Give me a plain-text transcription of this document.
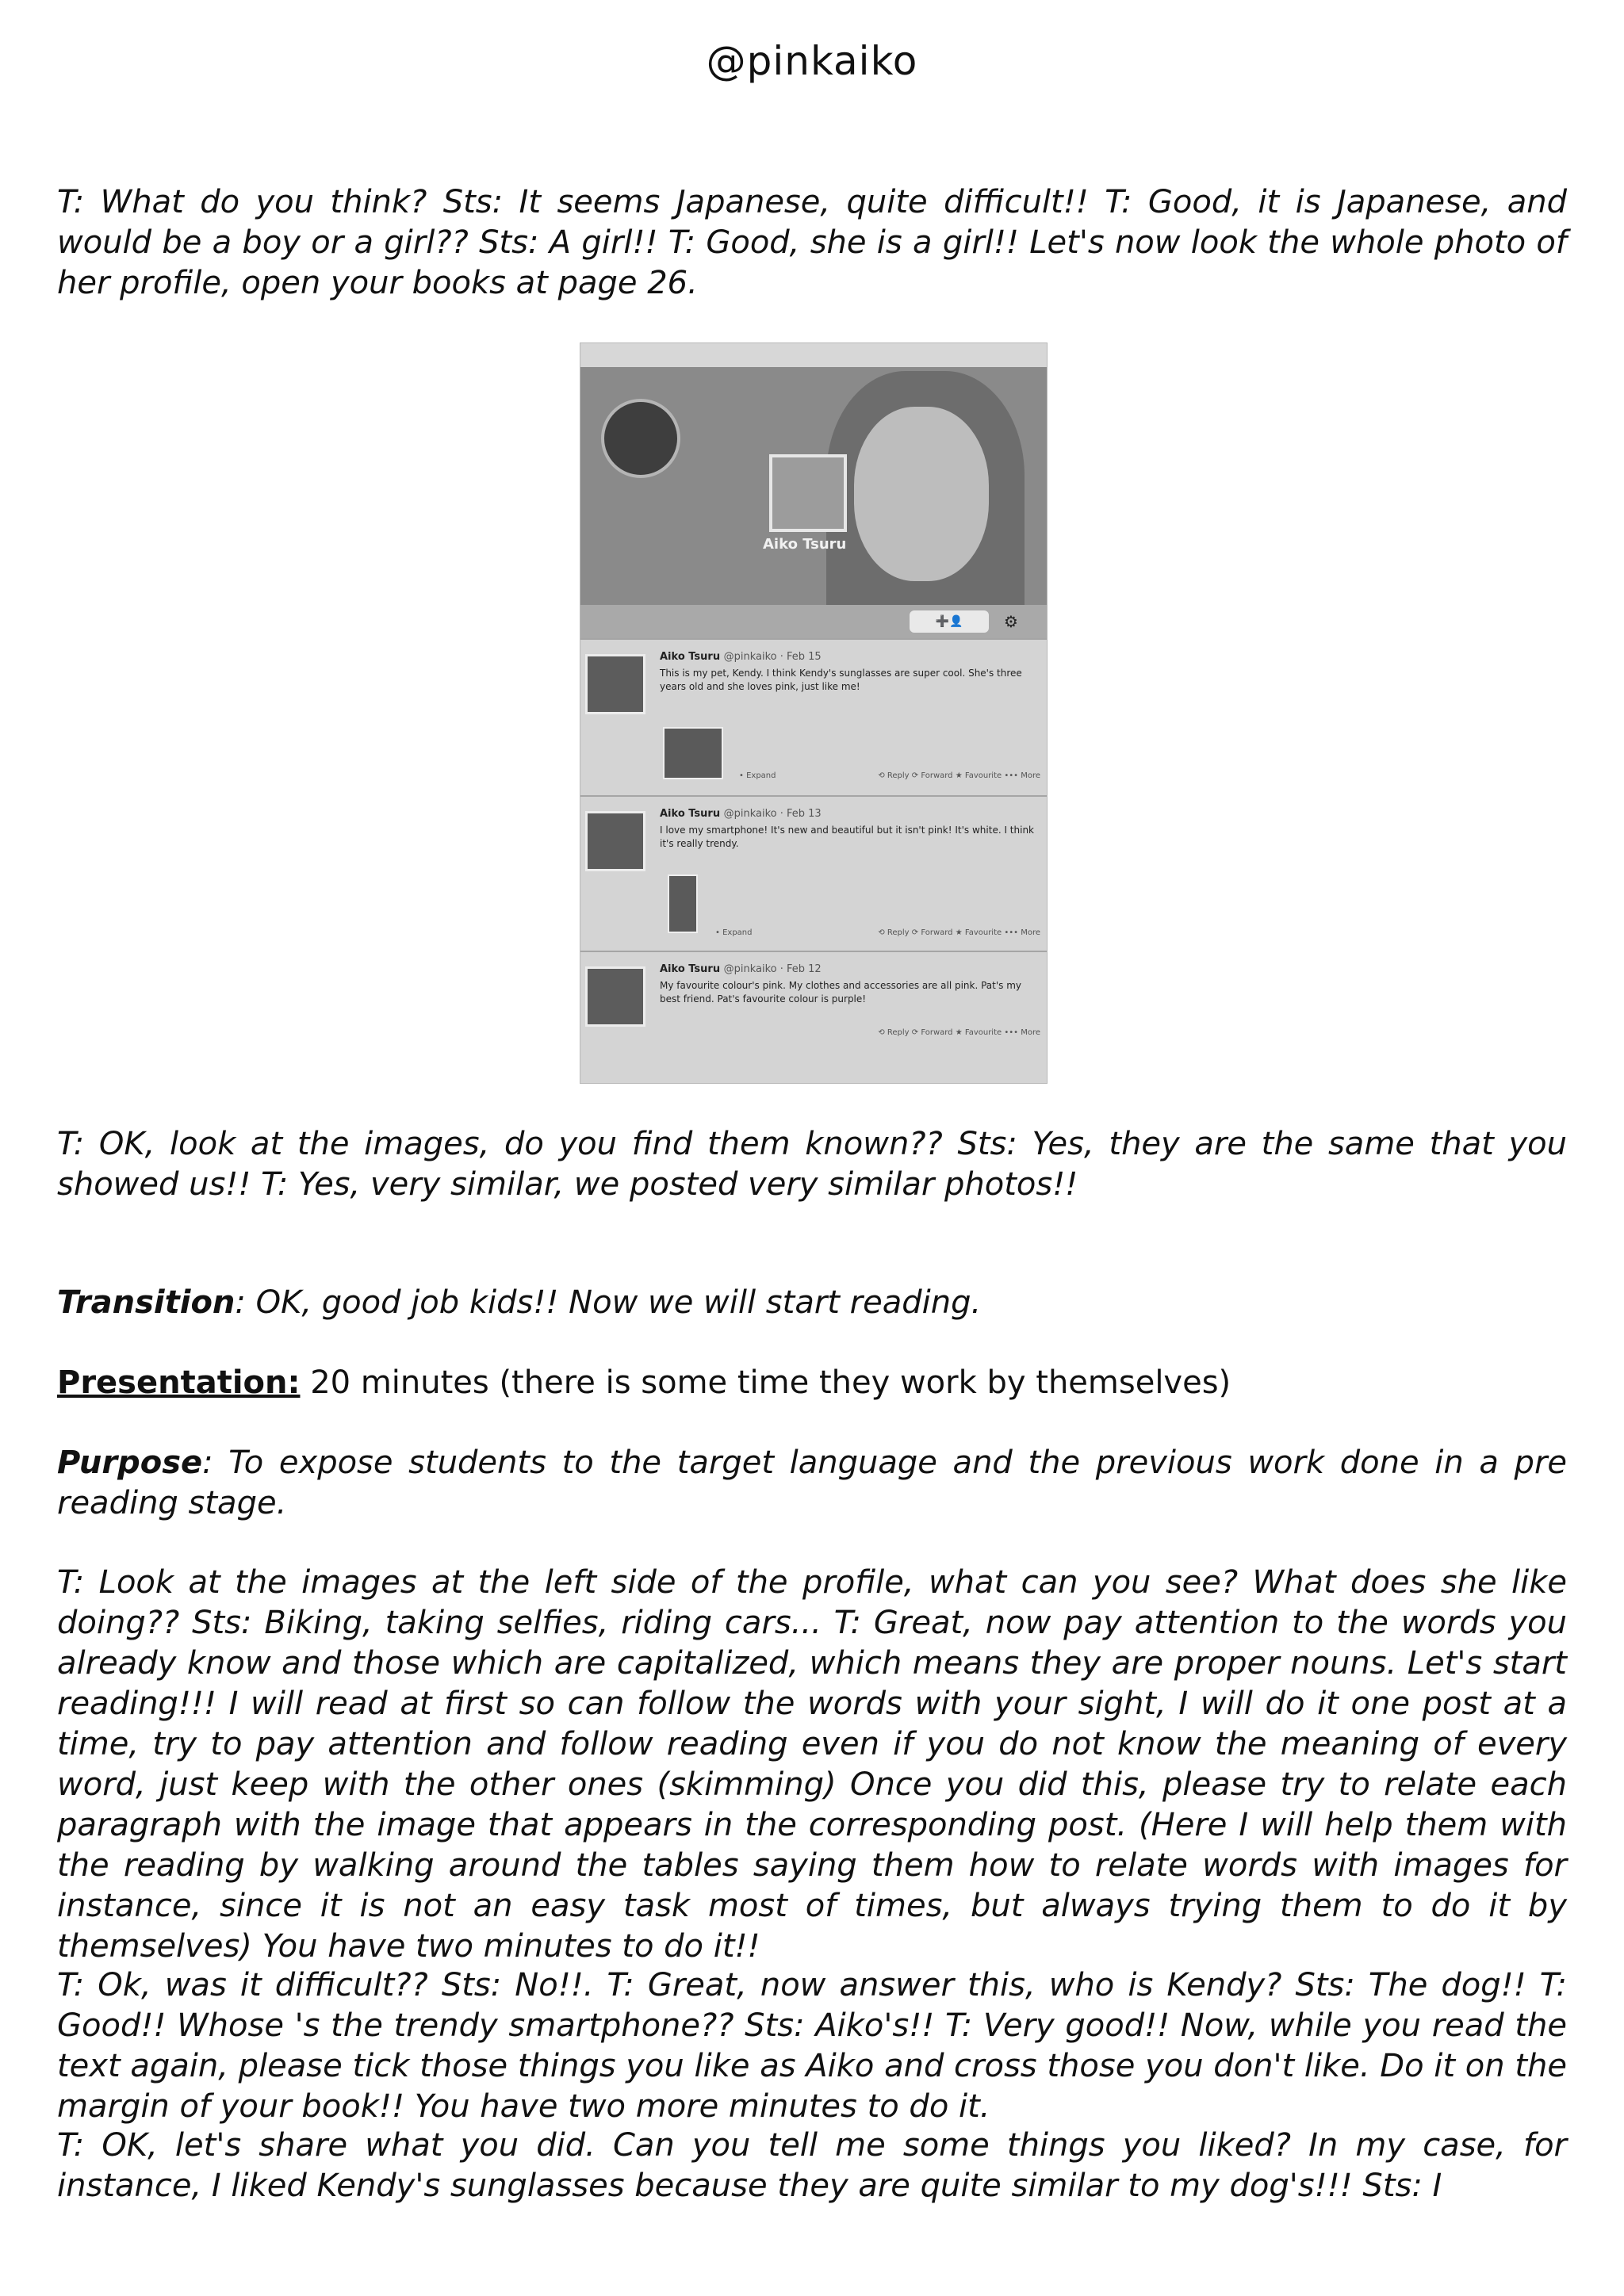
@pinkaiko

T: What do you think? Sts: It seems Japanese, quite difficult!! T: Good, it is Japanese, and would be a boy or a girl?? Sts: A girl!! T: Good, she is a girl!! Let's now look the whole photo of her profile, open your books at page 26.

Aiko Tsuru
➕👤	⚙
Aiko Tsuru @pinkaiko · Feb 15
This is my pet, Kendy. I think Kendy's sunglasses are super cool. She's three years old and she loves pink, just like me!
• Expand	⟲ Reply ⟳ Forward ★ Favourite ••• More
Aiko Tsuru @pinkaiko · Feb 13
I love my smartphone! It's new and beautiful but it isn't pink! It's white. I think it's really trendy.
• Expand	⟲ Reply ⟳ Forward ★ Favourite ••• More
Aiko Tsuru @pinkaiko · Feb 12
My favourite colour's pink. My clothes and accessories are all pink. Pat's my best friend. Pat's favourite colour is purple!
⟲ Reply ⟳ Forward ★ Favourite ••• More

T: OK, look at the images, do you find them known?? Sts: Yes, they are the same that you showed us!! T: Yes, very similar, we posted very similar photos!!

Transition: OK, good job kids!! Now we will start reading.

Presentation: 20 minutes (there is some time they work by themselves)

Purpose: To expose students to the target language and the previous work done in a pre reading stage.

T: Look at the images at the left side of the profile, what can you see? What does she like doing?? Sts: Biking, taking selfies, riding cars... T: Great, now pay attention to the words you already know and those which are capitalized, which means they are proper nouns. Let's start reading!!! I will read at first so can follow the words with your sight, I will do it one post at a time, try to pay attention and follow reading even if you do not know the meaning of every word, just keep with the other ones (skimming) Once you did this, please try to relate each paragraph with the image that appears in the corresponding post. (Here I will help them with the reading by walking around the tables saying them how to relate words with images for instance, since it is not an easy task most of times, but always trying them to do it by themselves) You have two minutes to do it!!

T: Ok, was it difficult?? Sts: No!!. T: Great, now answer this, who is Kendy? Sts: The dog!! T: Good!! Whose 's the trendy smartphone?? Sts: Aiko's!! T: Very good!! Now, while you read the text again, please tick those things you like as Aiko and cross those you don't like. Do it on the margin of your book!! You have two more minutes to do it.

T: OK, let's share what you did. Can you tell me some things you liked? In my case, for instance, I liked Kendy's sunglasses because they are quite similar to my dog's!!! Sts: I
